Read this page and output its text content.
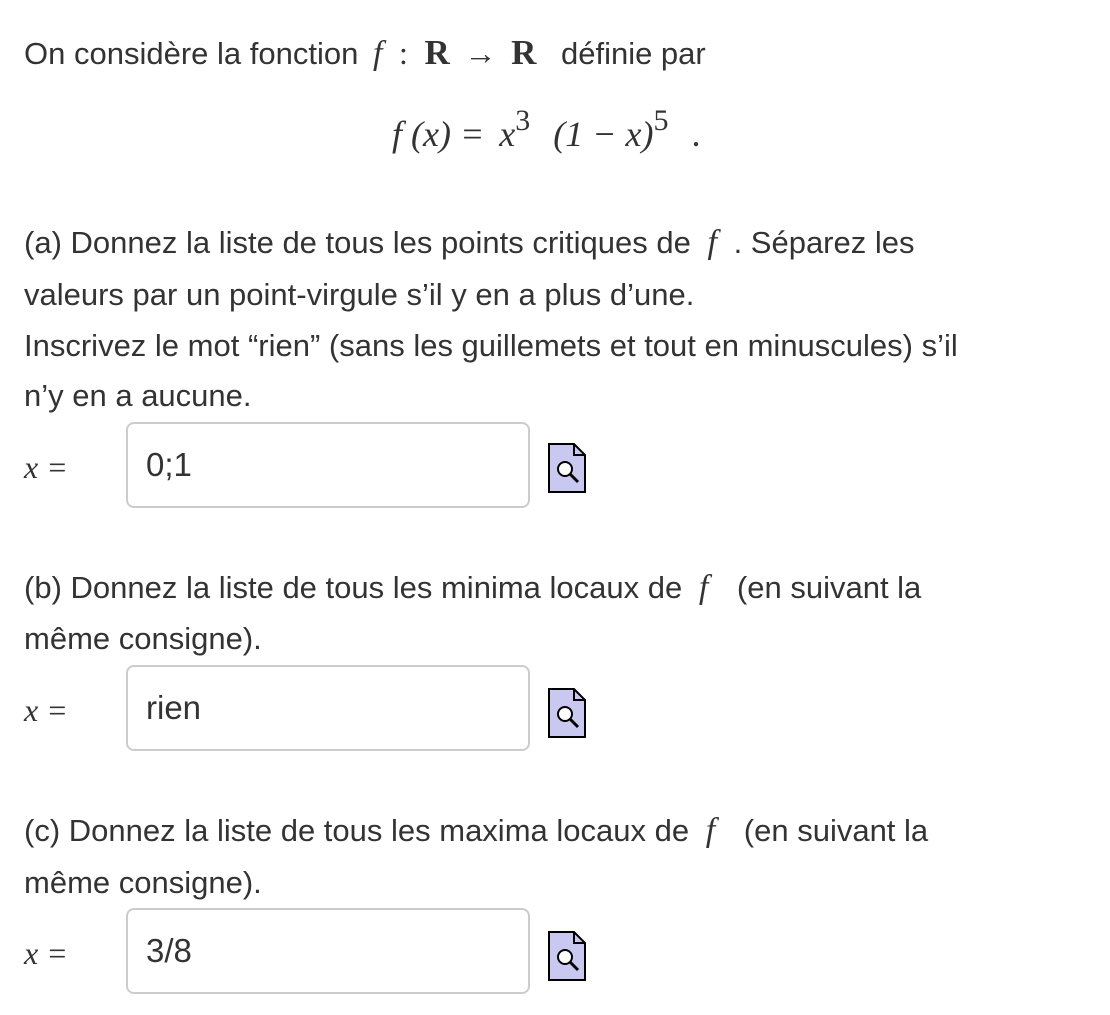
On considère la fonction f : R → R définie par
f $(x) = x^3$ $(1 - x)^5$ .
(a) Donnez la liste de tous les points critiques de f . Séparez les
valeurs par un point-virgule s’il y en a plus d’une.
Inscrivez le mot “rien” (sans les guillemets et tout en minuscules) s’il
n’y en a aucune.
x =
0;1
(b) Donnez la liste de tous les minima locaux de f (en suivant la
même consigne).
x =
rien
(c) Donnez la liste de tous les maxima locaux de f (en suivant la
même consigne).
x =
3/8
